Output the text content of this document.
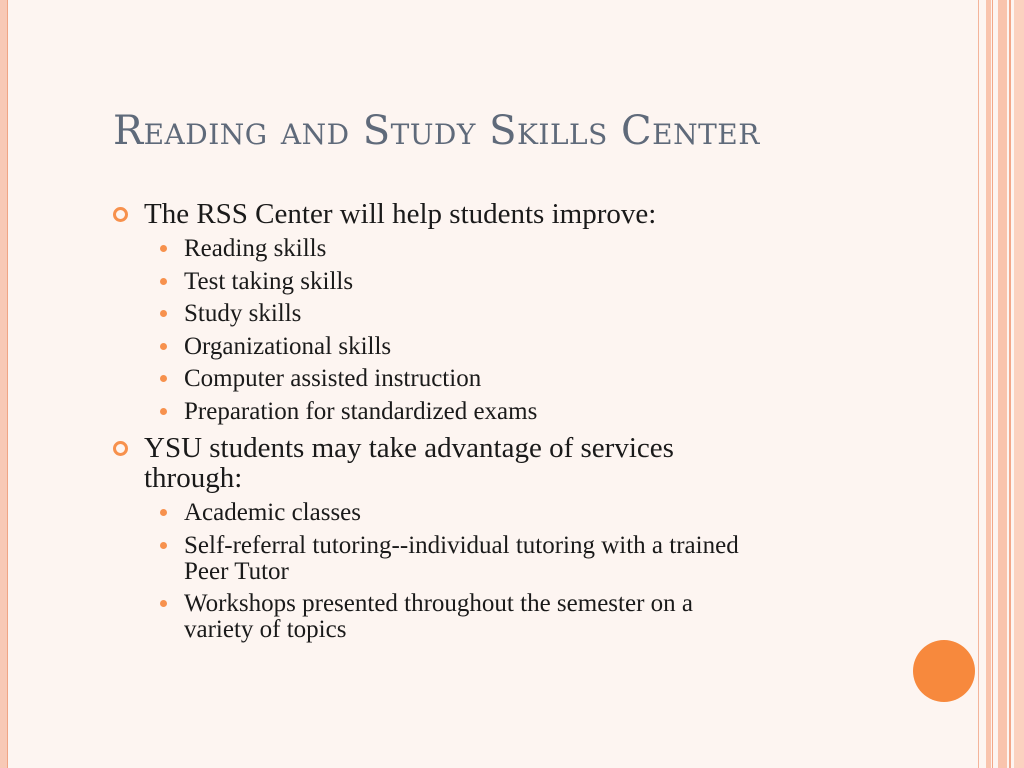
Reading and Study Skills Center
The RSS Center will help students improve:
Reading skills
Test taking skills
Study skills
Organizational skills
Computer assisted instruction
Preparation for standardized exams
YSU students may take advantage of services
through:
Academic classes
Self-referral tutoring--individual tutoring with a trained
Peer Tutor
Workshops presented throughout the semester on a
variety of topics
